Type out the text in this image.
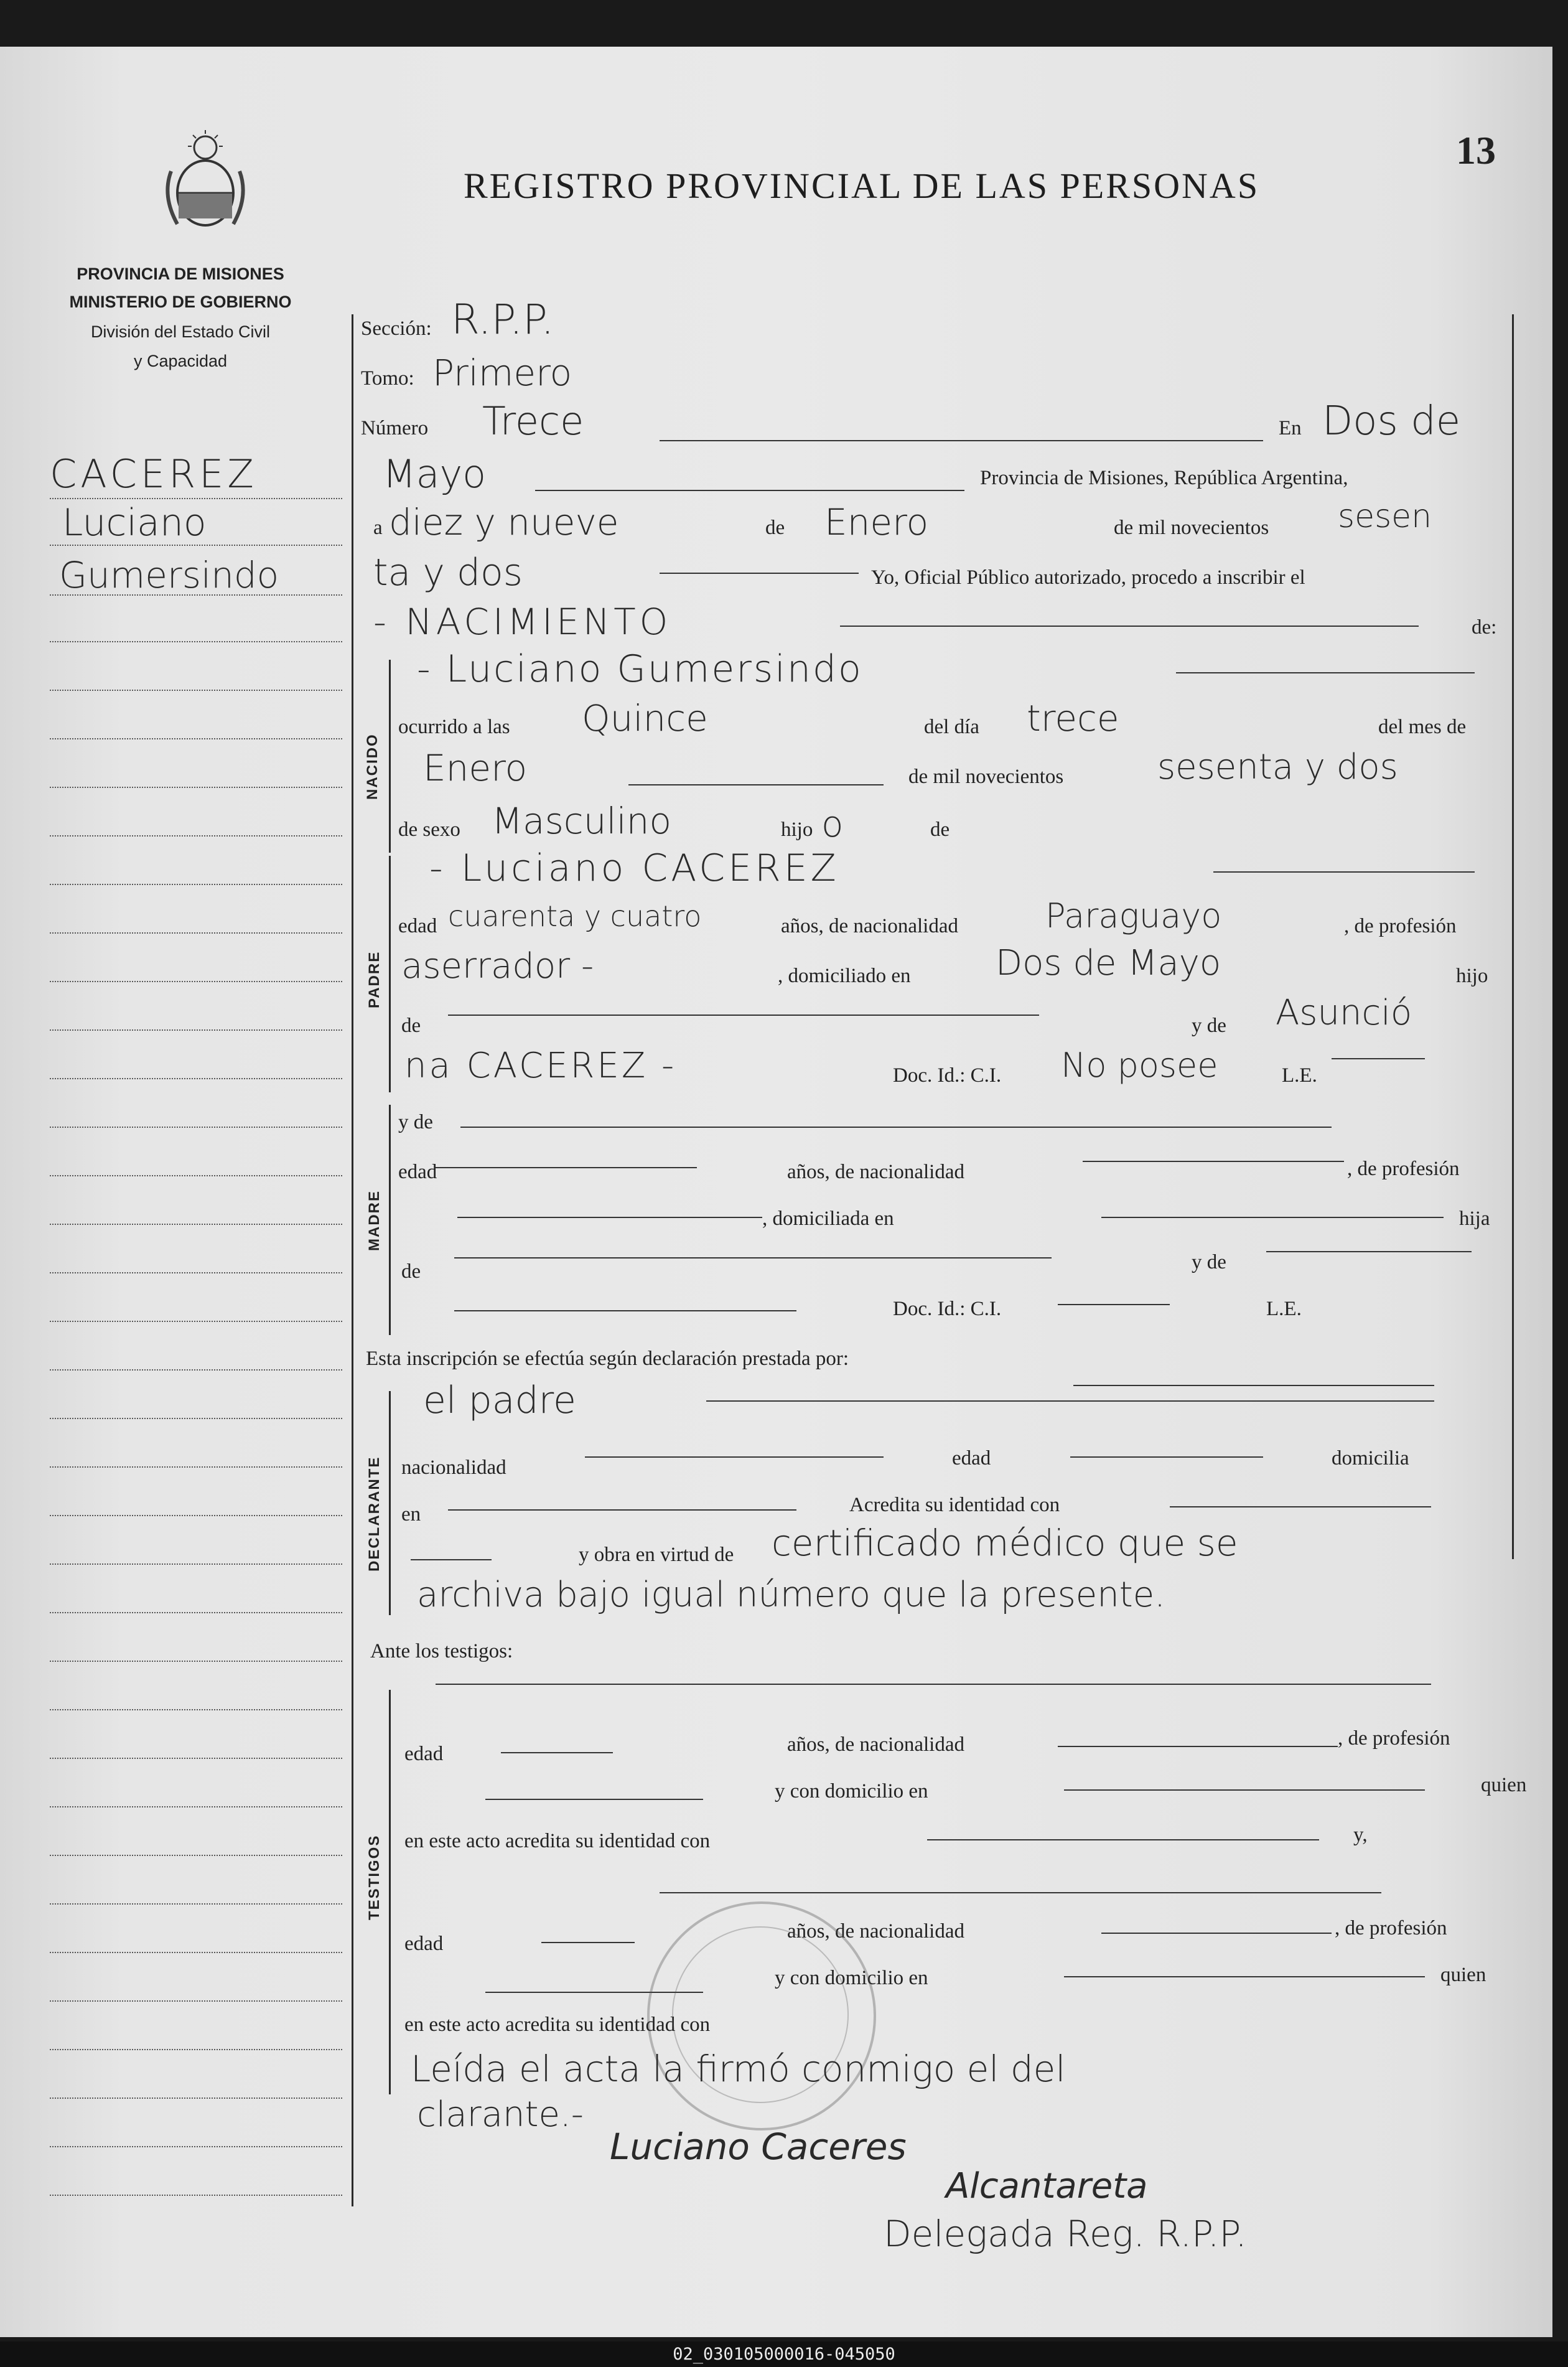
13
REGISTRO PROVINCIAL DE LAS PERSONAS
PROVINCIA DE MISIONES
MINISTERIO DE GOBIERNO
División del Estado Civil
y Capacidad
CACEREZ
Luciano
Gumersindo
Sección: R.P.P.
Tomo: Primero
Número Trece	En Dos de
Mayo	Provincia de Misiones, República Argentina,
a diez y nueve	de Enero	de mil novecientos sesen
ta y dos	Yo, Oficial Público autorizado, procedo a inscribir el
- NACIMIENTO	de:
NACIDO
- Luciano Gumersindo
ocurrido a las Quince	del día trece	del mes de
Enero	de mil novecientos	sesenta y dos
de sexo Masculino	hijo o	de
PADRE
- Luciano CACEREZ
edad cuarenta y cuatro	años, de nacionalidad	Paraguayo	, de profesión
aserrador -	, domiciliado en Dos de Mayo	hijo
de	y de Asunció
na CACEREZ -	Doc. Id.: C.I. No posee	L.E.
MADRE
y de
edad	años, de nacionalidad	, de profesión
, domiciliada en	hija
de	y de
Doc. Id.: C.I.	L.E.
Esta inscripción se efectúa según declaración prestada por:
DECLARANTE
el padre
nacionalidad	edad	domicilia
en	Acredita su identidad con
y obra en virtud de certificado médico que se
archiva bajo igual número que la presente.
Ante los testigos:
TESTIGOS
edad	años, de nacionalidad	, de profesión
y con domicilio en	quien
en este acto acredita su identidad con	y,
edad
años, de nacionalidad	, de profesión
y con domicilio en	quien
en este acto acredita su identidad con
Leída el acta la firmó conmigo el del
clarante.-
Luciano Caceres
Alcantareta
Delegada Reg. R.P.P.
02_030105000016-045050
